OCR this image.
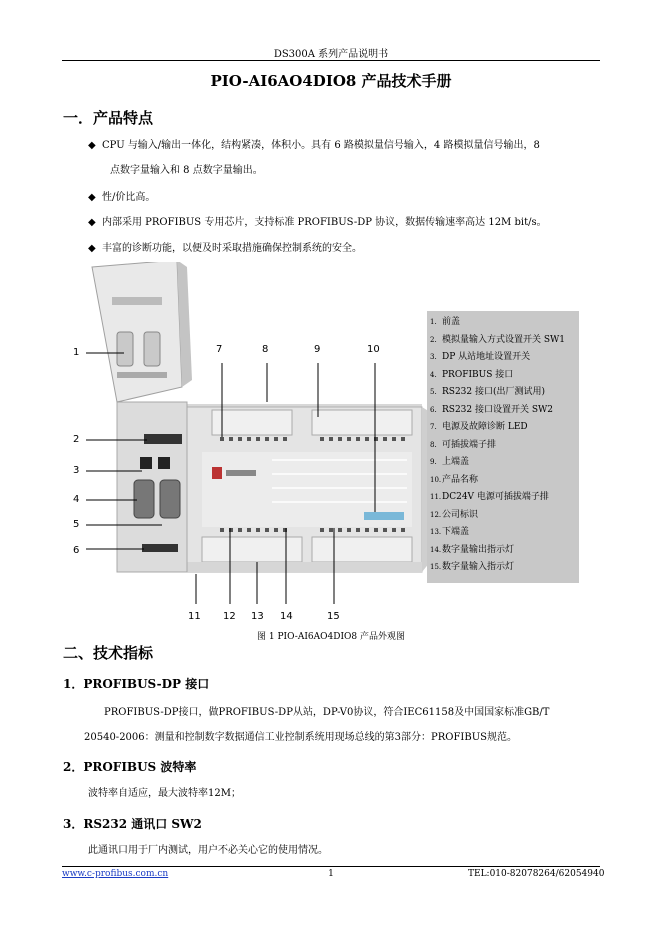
DS300A 系列产品说明书
PIO-AI6AO4DIO8 产品技术手册
一．产品特点
◆ CPU 与输入/输出一体化，结构紧凑，体积小。具有 6 路模拟量信号输入，4 路模拟量信号输出，8
点数字量输入和 8 点数字量输出。
◆ 性/价比高。
◆ 内部采用 PROFIBUS 专用芯片，支持标准 PROFIBUS-DP 协议，数据传输速率高达 12M bit/s。
◆ 丰富的诊断功能，以便及时采取措施确保控制系统的安全。
1
2
3
4
5
6
7	8	9	10
11 12 13 14	15
1. 前盖
2. 模拟量输入方式设置开关 SW1
3. DP 从站地址设置开关
4. PROFIBUS 接口
5. RS232 接口(出厂测试用)
6. RS232 接口设置开关 SW2
7. 电源及故障诊断 LED
8. 可插拔端子排
9. 上端盖
10.产品名称
11.DC24V 电源可插拔端子排
12.公司标识
13.下端盖
14.数字量输出指示灯
15.数字量输入指示灯
图 1 PIO-AI6AO4DIO8 产品外观图
二、技术指标
1．PROFIBUS-DP 接口
PROFIBUS-DP接口，做PROFIBUS-DP从站，DP-V0协议，符合IEC61158及中国国家标准GB/T
20540-2006：测量和控制数字数据通信工业控制系统用现场总线的第3部分：PROFIBUS规范。
2．PROFIBUS 波特率
波特率自适应，最大波特率12M；
3．RS232 通讯口 SW2
此通讯口用于厂内测试，用户不必关心它的使用情况。
www.c-profibus.com.cn	1	TEL:010-82078264/62054940
